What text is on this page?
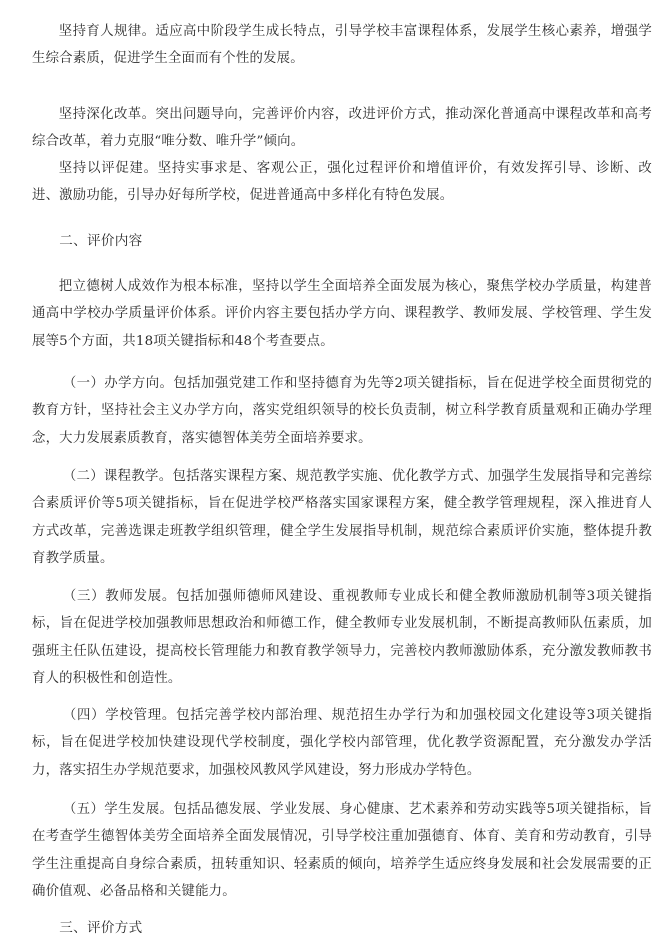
坚持育人规律。适应高中阶段学生成长特点，引导学校丰富课程体系，发展学生核心素养，增强学生综合素质，促进学生全面而有个性的发展。

坚持深化改革。突出问题导向，完善评价内容，改进评价方式，推动深化普通高中课程改革和高考综合改革，着力克服“唯分数、唯升学”倾向。

坚持以评促建。坚持实事求是、客观公正，强化过程评价和增值评价，有效发挥引导、诊断、改进、激励功能，引导办好每所学校，促进普通高中多样化有特色发展。

二、评价内容

把立德树人成效作为根本标准，坚持以学生全面培养全面发展为核心，聚焦学校办学质量，构建普通高中学校办学质量评价体系。评价内容主要包括办学方向、课程教学、教师发展、学校管理、学生发展等5个方面，共18项关键指标和48个考查要点。

（一）办学方向。包括加强党建工作和坚持德育为先等2项关键指标，旨在促进学校全面贯彻党的教育方针，坚持社会主义办学方向，落实党组织领导的校长负责制，树立科学教育质量观和正确办学理念，大力发展素质教育，落实德智体美劳全面培养要求。

（二）课程教学。包括落实课程方案、规范教学实施、优化教学方式、加强学生发展指导和完善综合素质评价等5项关键指标，旨在促进学校严格落实国家课程方案，健全教学管理规程，深入推进育人方式改革，完善选课走班教学组织管理，健全学生发展指导机制，规范综合素质评价实施，整体提升教育教学质量。

（三）教师发展。包括加强师德师风建设、重视教师专业成长和健全教师激励机制等3项关键指标，旨在促进学校加强教师思想政治和师德工作，健全教师专业发展机制，不断提高教师队伍素质，加强班主任队伍建设，提高校长管理能力和教育教学领导力，完善校内教师激励体系，充分激发教师教书育人的积极性和创造性。

（四）学校管理。包括完善学校内部治理、规范招生办学行为和加强校园文化建设等3项关键指标，旨在促进学校加快建设现代学校制度，强化学校内部管理，优化教学资源配置，充分激发办学活力，落实招生办学规范要求，加强校风教风学风建设，努力形成办学特色。

（五）学生发展。包括品德发展、学业发展、身心健康、艺术素养和劳动实践等5项关键指标，旨在考查学生德智体美劳全面培养全面发展情况，引导学校注重加强德育、体育、美育和劳动教育，引导学生注重提高自身综合素质，扭转重知识、轻素质的倾向，培养学生适应终身发展和社会发展需要的正确价值观、必备品格和关键能力。

三、评价方式
